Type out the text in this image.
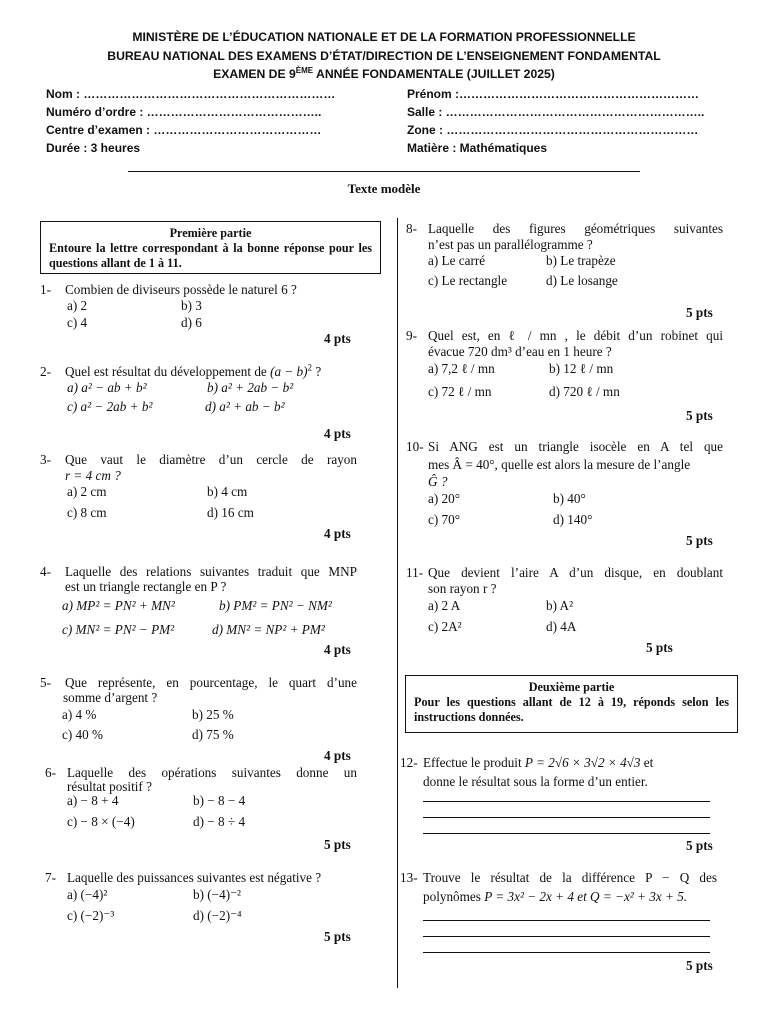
MINISTÈRE DE L’ÉDUCATION NATIONALE ET DE LA FORMATION PROFESSIONNELLE
BUREAU NATIONAL DES EXAMENS D’ÉTAT/DIRECTION DE L’ENSEIGNEMENT FONDAMENTAL
EXAMEN DE 9ÈME ANNÉE FONDAMENTALE (JUILLET 2025)
Nom : ………………………………………………………	Prénom :……………………………………………………
Numéro d’ordre : ……………………………………..	Salle : ………………………………………………………..
Centre d’examen : ……………………………………	Zone : ………………………………………………………
Durée : 3 heures	Matière : Mathématiques
Texte modèle
Première partie
Entoure la lettre correspondant à la bonne réponse pour les questions allant de 1 à 11.
1- Combien de diviseurs possède le naturel 6 ?
a) 2	b) 3
c) 4	d) 6
4 pts
2- Quel est résultat du développement de $(a - b)^2$ ?
a) a² − ab + b²	b) a² + 2ab − b²
c) a² − 2ab + b²	d) a² + ab − b²
4 pts
3- Que vaut le diamètre d’un cercle de rayon
r = 4 cm ?
a) 2 cm	b) 4 cm
c) 8 cm	d) 16 cm
4 pts
4- Laquelle des relations suivantes traduit que MNP
est un triangle rectangle en P ?
a) MP² = PN² + MN²	b) PM² = PN² − NM²
c) MN² = PN² − PM²	d) MN² = NP² + PM²
4 pts
5- Que représente, en pourcentage, le quart d’une
somme d’argent ?
a) 4 %	b) 25 %
c) 40 %	d) 75 %
4 pts
6- Laquelle des opérations suivantes donne un
résultat positif ?
a) − 8 + 4	b) − 8 − 4
c) − 8 × (−4)	d) − 8 ÷ 4
5 pts
7- Laquelle des puissances suivantes est négative ?
a) (−4)²	b) (−4)⁻²
c) (−2)⁻³	d) (−2)⁻⁴
5 pts
8- Laquelle des figures géométriques suivantes
n’est pas un parallélogramme ?
a) Le carré	b) Le trapèze
c) Le rectangle	d) Le losange
5 pts
9- Quel est, en ℓ / mn , le débit d’un robinet qui
évacue 720 dm³ d’eau en 1 heure ?
a) 7,2 ℓ / mn	b) 12 ℓ / mn
c) 72 ℓ / mn	d) 720 ℓ / mn
5 pts
10- Si ANG est un triangle isocèle en A tel que
mes Â = 40°, quelle est alors la mesure de l’angle
Ĝ ?
a) 20°	b) 40°
c) 70°	d) 140°
5 pts
11- Que devient l’aire A d’un disque, en doublant
son rayon r ?
a) 2 A	b) A²
c) 2A²	d) 4A
5 pts
Deuxième partie
Pour les questions allant de 12 à 19, réponds selon les instructions données.
12- Effectue le produit P = 2√6 × 3√2 × 4√3 et
donne le résultat sous la forme d’un entier.
5 pts
13- Trouve le résultat de la différence P − Q des
polynômes P = 3x² − 2x + 4 et Q = −x² + 3x + 5.
5 pts
